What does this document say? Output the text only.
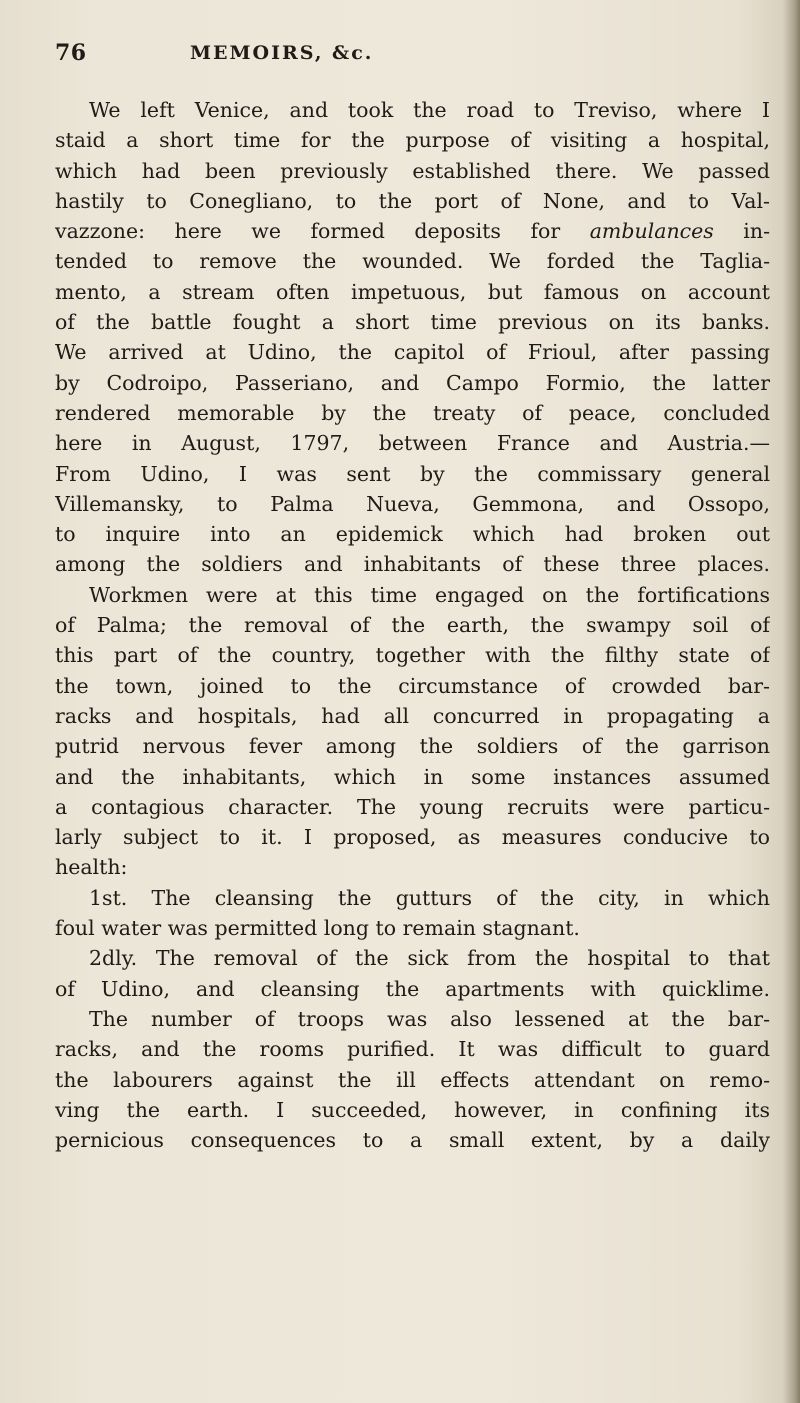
76	MEMOIRS, &c.
We left Venice, and took the road to Treviso, where I
staid a short time for the purpose of visiting a hospital,
which had been previously established there. We passed
hastily to Conegliano, to the port of None, and to Val-
vazzone: here we formed deposits for ambulances in-
tended to remove the wounded. We forded the Taglia-
mento, a stream often impetuous, but famous on account
of the battle fought a short time previous on its banks.
We arrived at Udino, the capitol of Frioul, after passing
by Codroipo, Passeriano, and Campo Formio, the latter
rendered memorable by the treaty of peace, concluded
here in August, 1797, between France and Austria.—
From Udino, I was sent by the commissary general
Villemansky, to Palma Nueva, Gemmona, and Ossopo,
to inquire into an epidemick which had broken out
among the soldiers and inhabitants of these three places.
Workmen were at this time engaged on the fortifications
of Palma; the removal of the earth, the swampy soil of
this part of the country, together with the filthy state of
the town, joined to the circumstance of crowded bar-
racks and hospitals, had all concurred in propagating a
putrid nervous fever among the soldiers of the garrison
and the inhabitants, which in some instances assumed
a contagious character. The young recruits were particu-
larly subject to it. I proposed, as measures conducive to
health:
1st. The cleansing the gutturs of the city, in which
foul water was permitted long to remain stagnant.
2dly. The removal of the sick from the hospital to that
of Udino, and cleansing the apartments with quicklime.
The number of troops was also lessened at the bar-
racks, and the rooms purified. It was difficult to guard
the labourers against the ill effects attendant on remo-
ving the earth. I succeeded, however, in confining its
pernicious consequences to a small extent, by a daily
